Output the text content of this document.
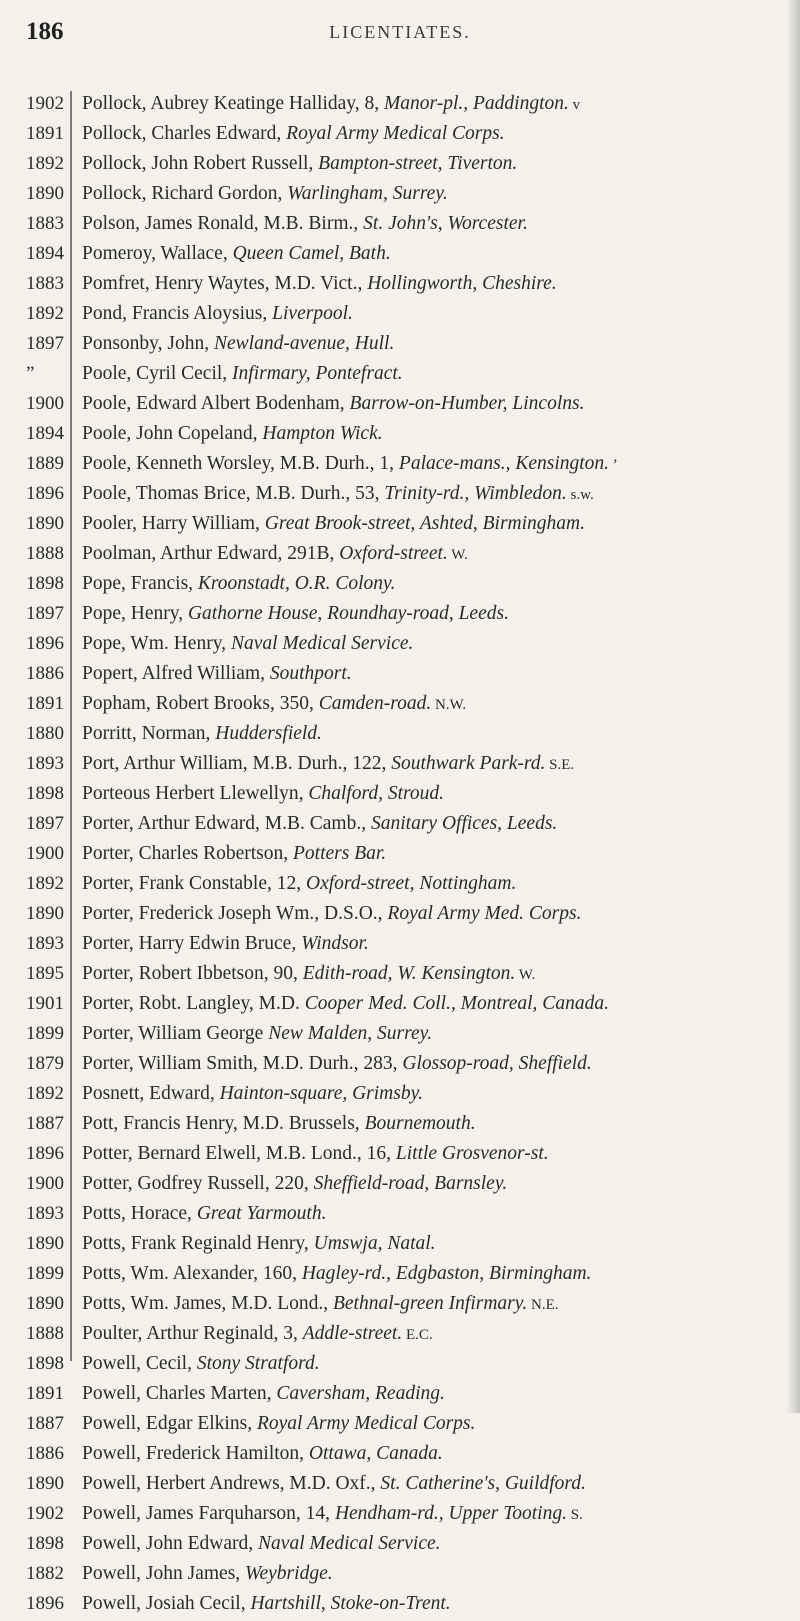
186	LICENTIATES.
1902
1891
1892
1890
1883
1894
1883
1892
1897
”
1900
1894
1889
1896
1890
1888
1898
1897
1896
1886
1891
1880
1893
1898
1897
1900
1892
1890
1893
1895
1901
1899
1879
1892
1887
1896
1900
1893
1890
1899
1890
1888
1898
1891
1887
1886
1890
1902
1898
1882
1896
Pollock, Aubrey Keatinge Halliday, 8, Manor-pl., Paddington. v
Pollock, Charles Edward, Royal Army Medical Corps.
Pollock, John Robert Russell, Bampton-street, Tiverton.
Pollock, Richard Gordon, Warlingham, Surrey.
Polson, James Ronald, M.B. Birm., St. John's, Worcester.
Pomeroy, Wallace, Queen Camel, Bath.
Pomfret, Henry Waytes, M.D. Vict., Hollingworth, Cheshire.
Pond, Francis Aloysius, Liverpool.
Ponsonby, John, Newland-avenue, Hull.
Poole, Cyril Cecil, Infirmary, Pontefract.
Poole, Edward Albert Bodenham, Barrow-on-Humber, Lincolns.
Poole, John Copeland, Hampton Wick.
Poole, Kenneth Worsley, M.B. Durh., 1, Palace-mans., Kensington. ’
Poole, Thomas Brice, M.B. Durh., 53, Trinity-rd., Wimbledon. s.w.
Pooler, Harry William, Great Brook-street, Ashted, Birmingham.
Poolman, Arthur Edward, 291B, Oxford-street. W.
Pope, Francis, Kroonstadt, O.R. Colony.
Pope, Henry, Gathorne House, Roundhay-road, Leeds.
Pope, Wm. Henry, Naval Medical Service.
Popert, Alfred William, Southport.
Popham, Robert Brooks, 350, Camden-road. N.W.
Porritt, Norman, Huddersfield.
Port, Arthur William, M.B. Durh., 122, Southwark Park-rd. S.E.
Porteous Herbert Llewellyn, Chalford, Stroud.
Porter, Arthur Edward, M.B. Camb., Sanitary Offices, Leeds.
Porter, Charles Robertson, Potters Bar.
Porter, Frank Constable, 12, Oxford-street, Nottingham.
Porter, Frederick Joseph Wm., D.S.O., Royal Army Med. Corps.
Porter, Harry Edwin Bruce, Windsor.
Porter, Robert Ibbetson, 90, Edith-road, W. Kensington. W.
Porter, Robt. Langley, M.D. Cooper Med. Coll., Montreal, Canada.
Porter, William George New Malden, Surrey.
Porter, William Smith, M.D. Durh., 283, Glossop-road, Sheffield.
Posnett, Edward, Hainton-square, Grimsby.
Pott, Francis Henry, M.D. Brussels, Bournemouth.
Potter, Bernard Elwell, M.B. Lond., 16, Little Grosvenor-st.
Potter, Godfrey Russell, 220, Sheffield-road, Barnsley.
Potts, Horace, Great Yarmouth.
Potts, Frank Reginald Henry, Umswja, Natal.
Potts, Wm. Alexander, 160, Hagley-rd., Edgbaston, Birmingham.
Potts, Wm. James, M.D. Lond., Bethnal-green Infirmary. N.E.
Poulter, Arthur Reginald, 3, Addle-street. E.C.
Powell, Cecil, Stony Stratford.
Powell, Charles Marten, Caversham, Reading.
Powell, Edgar Elkins, Royal Army Medical Corps.
Powell, Frederick Hamilton, Ottawa, Canada.
Powell, Herbert Andrews, M.D. Oxf., St. Catherine's, Guildford.
Powell, James Farquharson, 14, Hendham-rd., Upper Tooting. S.
Powell, John Edward, Naval Medical Service.
Powell, John James, Weybridge.
Powell, Josiah Cecil, Hartshill, Stoke-on-Trent.
